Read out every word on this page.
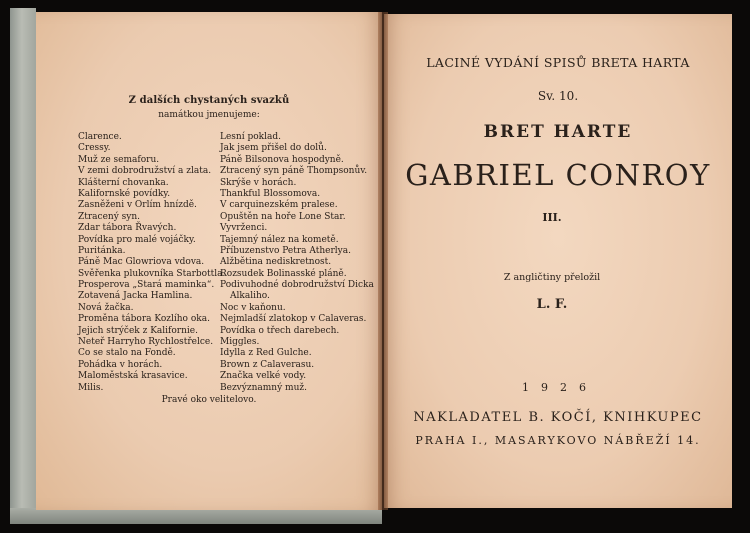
Z dalších chystaných svazků
namátkou jmenujeme:
Clarence.
Cressy.
Muž ze semaforu.
V zemi dobrodružství a zlata.
Klášterní chovanka.
Kalifornské povídky.
Zasněženi v Orlím hnízdě.
Ztracený syn.
Zdar tábora Řvavých.
Povídka pro malé vojáčky.
Puritánka.
Páně Mac Glowriova vdova.
Svěřenka plukovníka Starbottla.
Prosperova „Stará maminka“.
Zotavená Jacka Hamlina.
Nová žačka.
Proměna tábora Kozlího oka.
Jejich strýček z Kalifornie.
Neteř Harryho Rychlostřelce.
Co se stalo na Fondě.
Pohádka v horách.
Maloměstská krasavice.
Milis.
Lesní poklad.
Jak jsem přišel do dolů.
Páně Bilsonova hospodyně.
Ztracený syn páně Thompsonův.
Skrýše v horách.
Thankful Blossomova.
V carquinezském pralese.
Opuštěn na hoře Lone Star.
Vyvrženci.
Tajemný nález na kometě.
Příbuzenstvo Petra Atherlya.
Alžbětina nediskretnost.
Rozsudek Bolinasské pláně.
Podivuhodné dobrodružství Dicka
Alkaliho.
Noc v kaňonu.
Nejmladší zlatokop v Calaveras.
Povídka o třech darebech.
Miggles.
Idylla z Red Gulche.
Brown z Calaverasu.
Značka velké vody.
Bezvýznamný muž.
Pravé oko velitelovo.
LACINÉ VYDÁNÍ SPISŮ BRETA HARTA
Sv. 10.
BRET HARTE
GABRIEL CONROY
III.
Z angličtiny přeložil
L. F.
1926
NAKLADATEL B. KOČÍ, KNIHKUPEC
PRAHA I., MASARYKOVO NÁBŘEŽÍ 14.
